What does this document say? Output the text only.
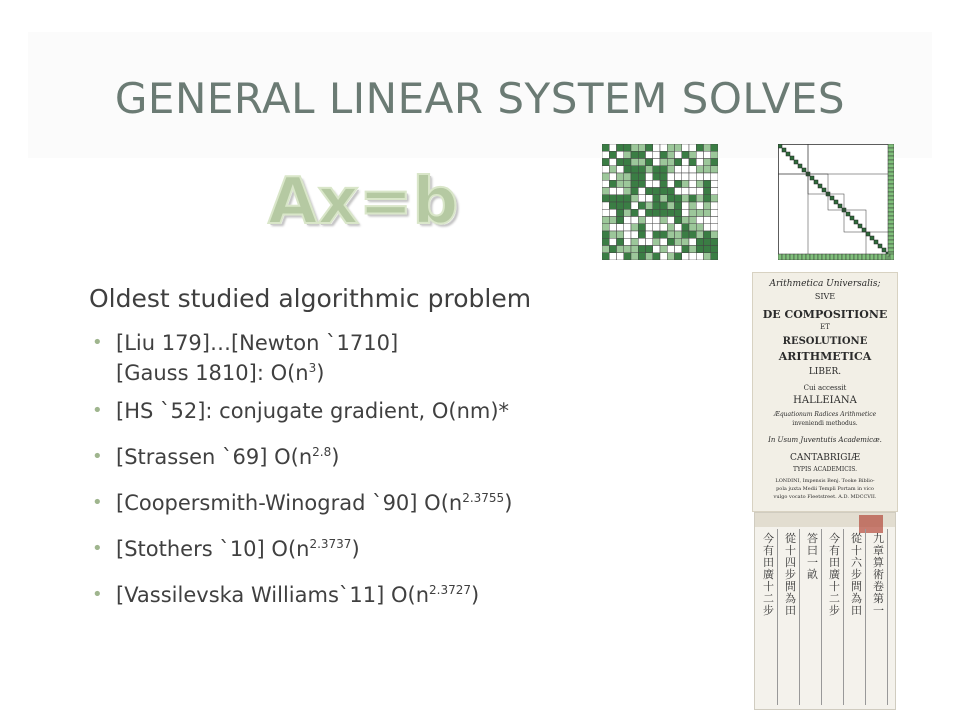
GENERAL LINEAR SYSTEM SOLVES
Ax=b
Oldest studied algorithmic problem
• [Liu 179]…[Newton `1710]
[Gauss 1810]: $O(n^3)$
• [HS `52]: conjugate gradient, O(nm)*
• [Strassen `69] $O(n^{2.8})$
• [Coopersmith-Winograd `90] $O(n^{2.3755})$
• [Stothers `10] $O(n^{2.3737})$
• [Vassilevska Williams`11] $O(n^{2.3727})$
Arithmetica Universalis;
SIVE
DE COMPOSITIONE
ET
RESOLUTIONE
ARITHMETICA
LIBER.
Cui accessit
HALLEIANA
Æquationum Radices Arithmetice
inveniendi methodus.
In Usum Juventutis Academicæ.
CANTABRIGIÆ
TYPIS ACADEMICIS.
LONDINI, Impensis Benj. Tooke Biblio-
pola juxta Medii Templi Portam in vico
vulgo vocato Fleetstreet. A.D. MDCCVII.
今有田廣十二步
從十四步問為田
答曰一畝
今有田廣十二步
從十六步問為田
九章算術卷第一
